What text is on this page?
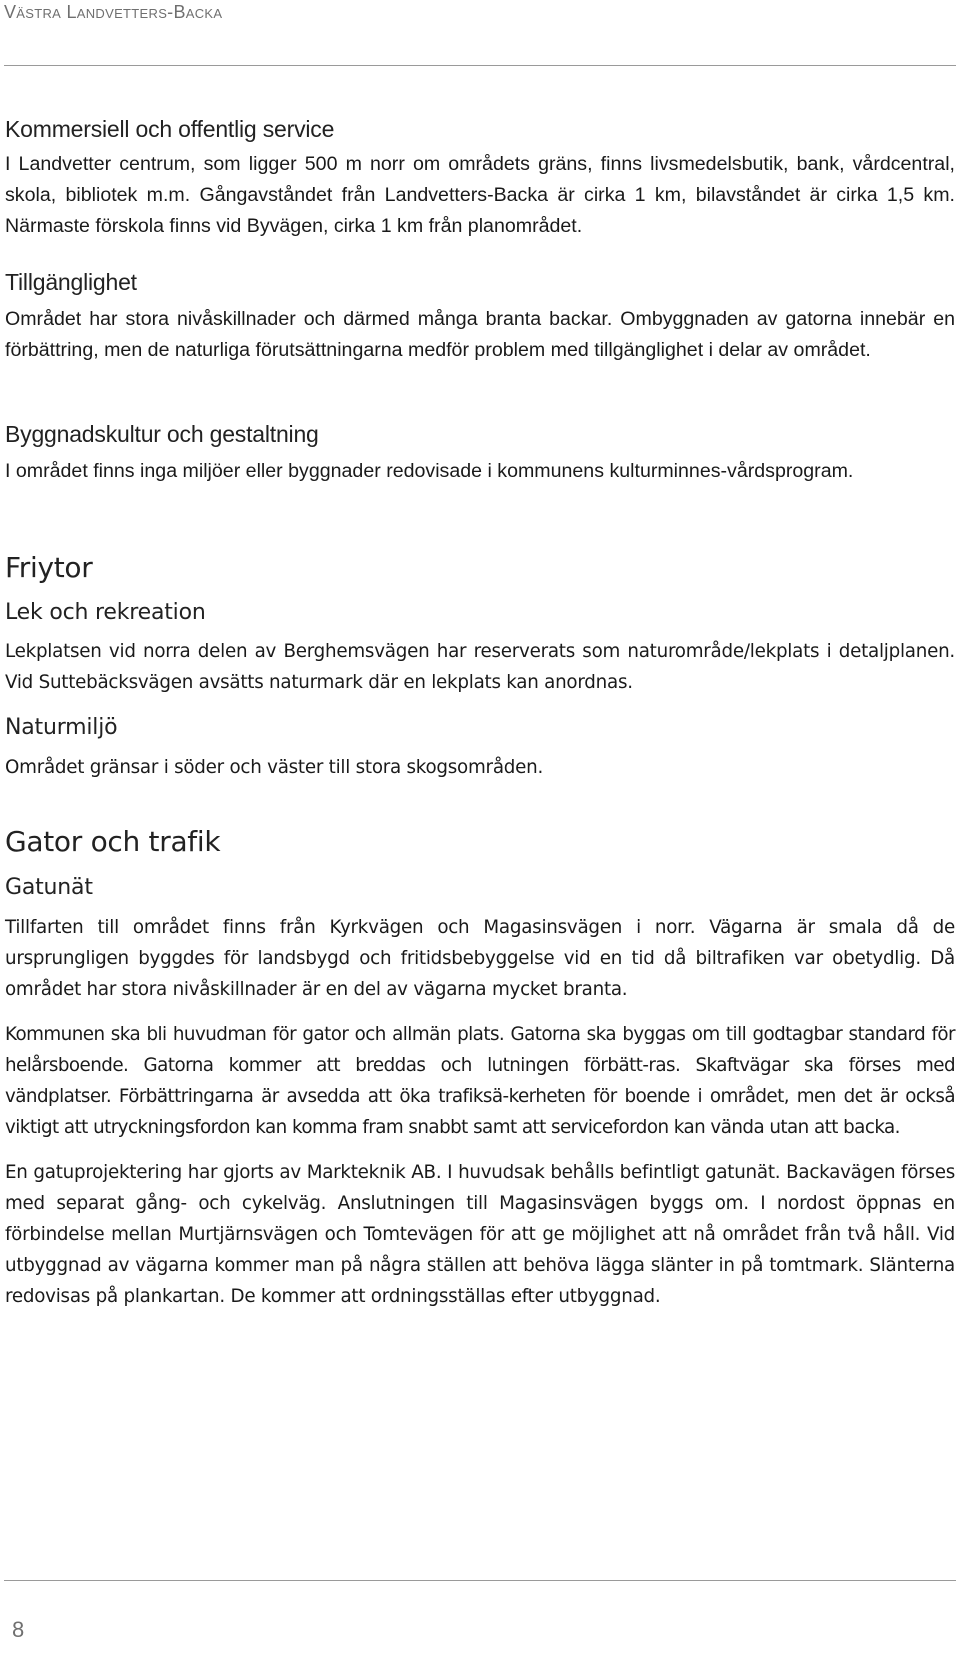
Västra Landvetters-Backa
Kommersiell och offentlig service

I Landvetter centrum, som ligger 500 m norr om områdets gräns, finns livsmedelsbutik, bank, vårdcentral, skola, bibliotek m.m. Gångavståndet från Landvetters-Backa är cirka 1 km, bilavståndet är cirka 1,5 km. Närmaste förskola finns vid Byvägen, cirka 1 km från planområdet.

Tillgänglighet

Området har stora nivåskillnader och därmed många branta backar. Ombyggnaden av gatorna innebär en förbättring, men de naturliga förutsättningarna medför problem med tillgänglighet i delar av området.

Byggnadskultur och gestaltning

I området finns inga miljöer eller byggnader redovisade i kommunens kulturminnes-vårdsprogram.

Friytor
Lek och rekreation

Lekplatsen vid norra delen av Berghemsvägen har reserverats som naturområde/lekplats i detaljplanen. Vid Suttebäcksvägen avsätts naturmark där en lekplats kan anordnas.

Naturmiljö

Området gränsar i söder och väster till stora skogsområden.

Gator och trafik
Gatunät

Tillfarten till området finns från Kyrkvägen och Magasinsvägen i norr. Vägarna är smala då de ursprungligen byggdes för landsbygd och fritidsbebyggelse vid en tid då biltrafiken var obetydlig. Då området har stora nivåskillnader är en del av vägarna mycket branta.

Kommunen ska bli huvudman för gator och allmän plats. Gatorna ska byggas om till godtagbar standard för helårsboende. Gatorna kommer att breddas och lutningen förbätt-ras. Skaftvägar ska förses med vändplatser. Förbättringarna är avsedda att öka trafiksä-kerheten för boende i området, men det är också viktigt att utryckningsfordon kan komma fram snabbt samt att servicefordon kan vända utan att backa.

En gatuprojektering har gjorts av Markteknik AB. I huvudsak behålls befintligt gatunät. Backavägen förses med separat gång- och cykelväg. Anslutningen till Magasinsvägen byggs om. I nordost öppnas en förbindelse mellan Murtjärnsvägen och Tomtevägen för att ge möjlighet att nå området från två håll. Vid utbyggnad av vägarna kommer man på några ställen att behöva lägga slänter in på tomtmark. Slänterna redovisas på plankartan. De kommer att ordningsställas efter utbyggnad.

8
